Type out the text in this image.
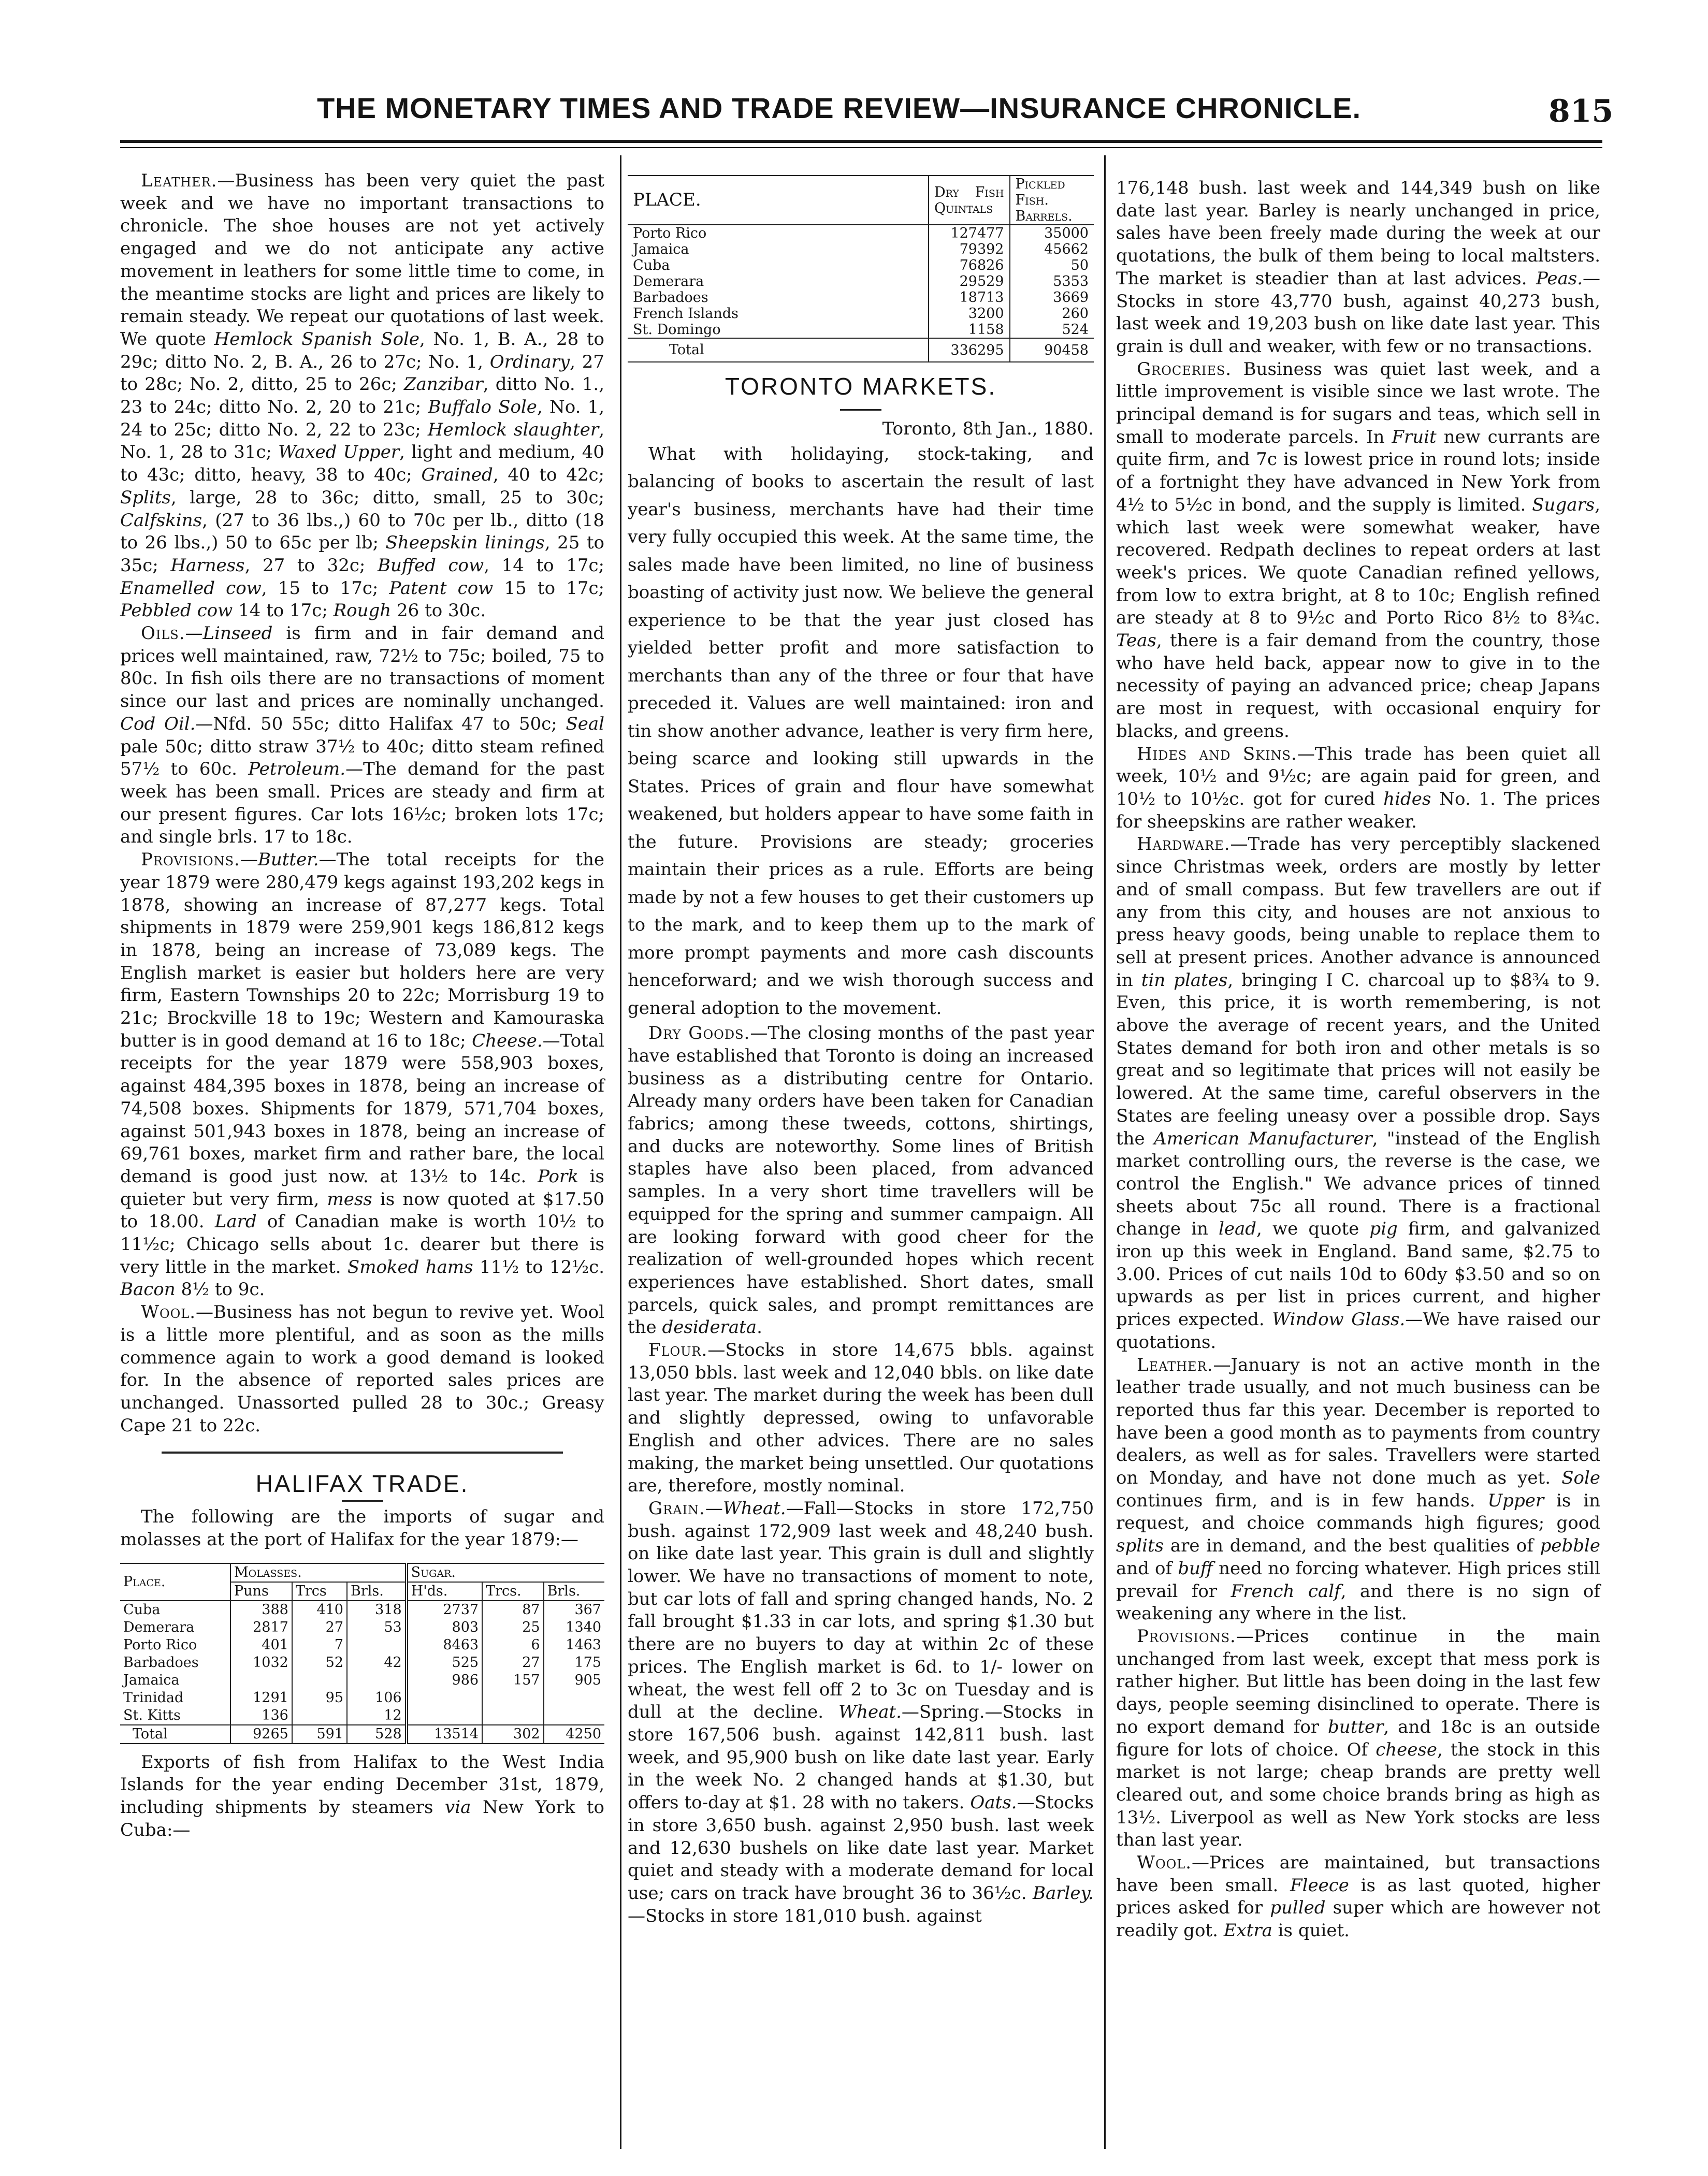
THE MONETARY TIMES AND TRADE REVIEW—INSURANCE CHRONICLE.	815

Leather.—Business has been very quiet the past week and we have no important transactions to chronicle. The shoe houses are not yet actively engaged and we do not anticipate any active movement in leathers for some little time to come, in the meantime stocks are light and prices are likely to remain steady. We repeat our quotations of last week. We quote Hemlock Spanish Sole, No. 1, B. A., 28 to 29c; ditto No. 2, B. A., 26 to 27c; No. 1, Ordinary, 27 to 28c; No. 2, ditto, 25 to 26c; Zanzibar, ditto No. 1., 23 to 24c; ditto No. 2, 20 to 21c; Buffalo Sole, No. 1, 24 to 25c; ditto No. 2, 22 to 23c; Hemlock slaughter, No. 1, 28 to 31c; Waxed Upper, light and medium, 40 to 43c; ditto, heavy, 38 to 40c; Grained, 40 to 42c; Splits, large, 28 to 36c; ditto, small, 25 to 30c; Calfskins, (27 to 36 lbs.,) 60 to 70c per lb., ditto (18 to 26 lbs.,) 50 to 65c per lb; Sheepskin linings, 25 to 35c; Harness, 27 to 32c; Buffed cow, 14 to 17c; Enamelled cow, 15 to 17c; Patent cow 15 to 17c; Pebbled cow 14 to 17c; Rough 26 to 30c.

Oils.—Linseed is firm and in fair demand and prices well maintained, raw, 72½ to 75c; boiled, 75 to 80c. In fish oils there are no transactions of moment since our last and prices are nominally unchanged. Cod Oil.—Nfd. 50 55c; ditto Halifax 47 to 50c; Seal pale 50c; ditto straw 37½ to 40c; ditto steam refined 57½ to 60c. Petroleum.—The demand for the past week has been small. Prices are steady and firm at our present figures. Car lots 16½c; broken lots 17c; and single brls. 17 to 18c.

Provisions.—Butter.—The total receipts for the year 1879 were 280,479 kegs against 193,202 kegs in 1878, showing an increase of 87,277 kegs. Total shipments in 1879 were 259,901 kegs 186,812 kegs in 1878, being an increase of 73,089 kegs. The English market is easier but holders here are very firm, Eastern Townships 20 to 22c; Morrisburg 19 to 21c; Brockville 18 to 19c; Western and Kamouraska butter is in good demand at 16 to 18c; Cheese.—Total receipts for the year 1879 were 558,903 boxes, against 484,395 boxes in 1878, being an increase of 74,508 boxes. Shipments for 1879, 571,704 boxes, against 501,943 boxes in 1878, being an increase of 69,761 boxes, market firm and rather bare, the local demand is good just now. at 13½ to 14c. Pork is quieter but very firm, mess is now quoted at $17.50 to 18.00. Lard of Canadian make is worth 10½ to 11½c; Chicago sells about 1c. dearer but there is very little in the market. Smoked hams 11½ to 12½c. Bacon 8½ to 9c.

Wool.—Business has not begun to revive yet. Wool is a little more plentiful, and as soon as the mills commence again to work a good demand is looked for. In the absence of reported sales prices are unchanged. Unassorted pulled 28 to 30c.; Greasy Cape 21 to 22c.

HALIFAX TRADE.

The following are the imports of sugar and molasses at the port of Halifax for the year 1879:—

Place.	Molasses.			Sugar.		
	Puns	Trcs	Brls.	H'ds.	Trcs.	Brls.
Cuba	388	410	318	2737	87	367
Demerara	2817	27	53	803	25	1340
Porto Rico	401	7		8463	6	1463
Barbadoes	1032	52	42	525	27	175
Jamaica				986	157	905
Trinidad	1291	95	106			
St. Kitts	136		12			
Total	9265	591	528	13514	302	4250

Exports of fish from Halifax to the West India Islands for the year ending December 31st, 1879, including shipments by steamers via New York to Cuba:—

PLACE.	Dry Fish Quintals	Pickled Fish. Barrels.
Porto Rico	127477	35000
Jamaica	79392	45662
Cuba	76826	50
Demerara	29529	5353
Barbadoes	18713	3669
French Islands	3200	260
St. Domingo	1158	524
Total	336295	90458
TORONTO MARKETS.

Toronto, 8th Jan., 1880.

What with holidaying, stock-taking, and balancing of books to ascertain the result of last year's business, merchants have had their time very fully occupied this week. At the same time, the sales made have been limited, no line of business boasting of activity just now. We believe the general experience to be that the year just closed has yielded better profit and more satisfaction to merchants than any of the three or four that have preceded it. Values are well maintained: iron and tin show another advance, leather is very firm here, being scarce and looking still upwards in the States. Prices of grain and flour have somewhat weakened, but holders appear to have some faith in the future. Provisions are steady; groceries maintain their prices as a rule. Efforts are being made by not a few houses to get their customers up to the mark, and to keep them up to the mark of more prompt payments and more cash discounts henceforward; and we wish thorough success and general adoption to the movement.

Dry Goods.—The closing months of the past year have established that Toronto is doing an increased business as a distributing centre for Ontario. Already many orders have been taken for Canadian fabrics; among these tweeds, cottons, shirtings, and ducks are noteworthy. Some lines of British staples have also been placed, from advanced samples. In a very short time travellers will be equipped for the spring and summer campaign. All are looking forward with good cheer for the realization of well-grounded hopes which recent experiences have established. Short dates, small parcels, quick sales, and prompt remittances are the desiderata.

Flour.—Stocks in store 14,675 bbls. against 13,050 bbls. last week and 12,040 bbls. on like date last year. The market during the week has been dull and slightly depressed, owing to unfavorable English and other advices. There are no sales making, the market being unsettled. Our quotations are, therefore, mostly nominal.

Grain.—Wheat.—Fall—Stocks in store 172,750 bush. against 172,909 last week and 48,240 bush. on like date last year. This grain is dull and slightly lower. We have no transactions of moment to note, but car lots of fall and spring changed hands, No. 2 fall brought $1.33 in car lots, and spring $1.30 but there are no buyers to day at within 2c of these prices. The English market is 6d. to 1/- lower on wheat, the west fell off 2 to 3c on Tuesday and is dull at the decline. Wheat.—Spring.—Stocks in store 167,506 bush. against 142,811 bush. last week, and 95,900 bush on like date last year. Early in the week No. 2 changed hands at $1.30, but offers to-day at $1. 28 with no takers. Oats.—Stocks in store 3,650 bush. against 2,950 bush. last week and 12,630 bushels on like date last year. Market quiet and steady with a moderate demand for local use; cars on track have brought 36 to 36½c. Barley.—Stocks in store 181,010 bush. against

176,148 bush. last week and 144,349 bush on like date last year. Barley is nearly unchanged in price, sales have been freely made during the week at our quotations, the bulk of them being to local maltsters. The market is steadier than at last advices. Peas.—Stocks in store 43,770 bush, against 40,273 bush, last week and 19,203 bush on like date last year. This grain is dull and weaker, with few or no transactions.

Groceries. Business was quiet last week, and a little improvement is visible since we last wrote. The principal demand is for sugars and teas, which sell in small to moderate parcels. In Fruit new currants are quite firm, and 7c is lowest price in round lots; inside of a fortnight they have advanced in New York from 4½ to 5½c in bond, and the supply is limited. Sugars, which last week were somewhat weaker, have recovered. Redpath declines to repeat orders at last week's prices. We quote Canadian refined yellows, from low to extra bright, at 8 to 10c; English refined are steady at 8 to 9½c and Porto Rico 8½ to 8¾c. Teas, there is a fair demand from the country, those who have held back, appear now to give in to the necessity of paying an advanced price; cheap Japans are most in request, with occasional enquiry for blacks, and greens.

Hides and Skins.—This trade has been quiet all week, 10½ and 9½c; are again paid for green, and 10½ to 10½c. got for cured hides No. 1. The prices for sheepskins are rather weaker.

Hardware.—Trade has very perceptibly slackened since Christmas week, orders are mostly by letter and of small compass. But few travellers are out if any from this city, and houses are not anxious to press heavy goods, being unable to replace them to sell at present prices. Another advance is announced in tin plates, bringing I C. charcoal up to $8¾ to 9. Even, this price, it is worth remembering, is not above the average of recent years, and the United States demand for both iron and other metals is so great and so legitimate that prices will not easily be lowered. At the same time, careful observers in the States are feeling uneasy over a possible drop. Says the American Manufacturer, "instead of the English market controlling ours, the reverse is the case, we control the English." We advance prices of tinned sheets about 75c all round. There is a fractional change in lead, we quote pig firm, and galvanized iron up this week in England. Band same, $2.75 to 3.00. Prices of cut nails 10d to 60dy $3.50 and so on upwards as per list in prices current, and higher prices expected. Window Glass.—We have raised our quotations.

Leather.—January is not an active month in the leather trade usually, and not much business can be reported thus far this year. December is reported to have been a good month as to payments from country dealers, as well as for sales. Travellers were started on Monday, and have not done much as yet. Sole continues firm, and is in few hands. Upper is in request, and choice commands high figures; good splits are in demand, and the best qualities of pebble and of buff need no forcing whatever. High prices still prevail for French calf, and there is no sign of weakening any where in the list.

Provisions.—Prices continue in the main unchanged from last week, except that mess pork is rather higher. But little has been doing in the last few days, people seeming disinclined to operate. There is no export demand for butter, and 18c is an outside figure for lots of choice. Of cheese, the stock in this market is not large; cheap brands are pretty well cleared out, and some choice brands bring as high as 13½. Liverpool as well as New York stocks are less than last year.

Wool.—Prices are maintained, but transactions have been small. Fleece is as last quoted, higher prices asked for pulled super which are however not readily got. Extra is quiet.
